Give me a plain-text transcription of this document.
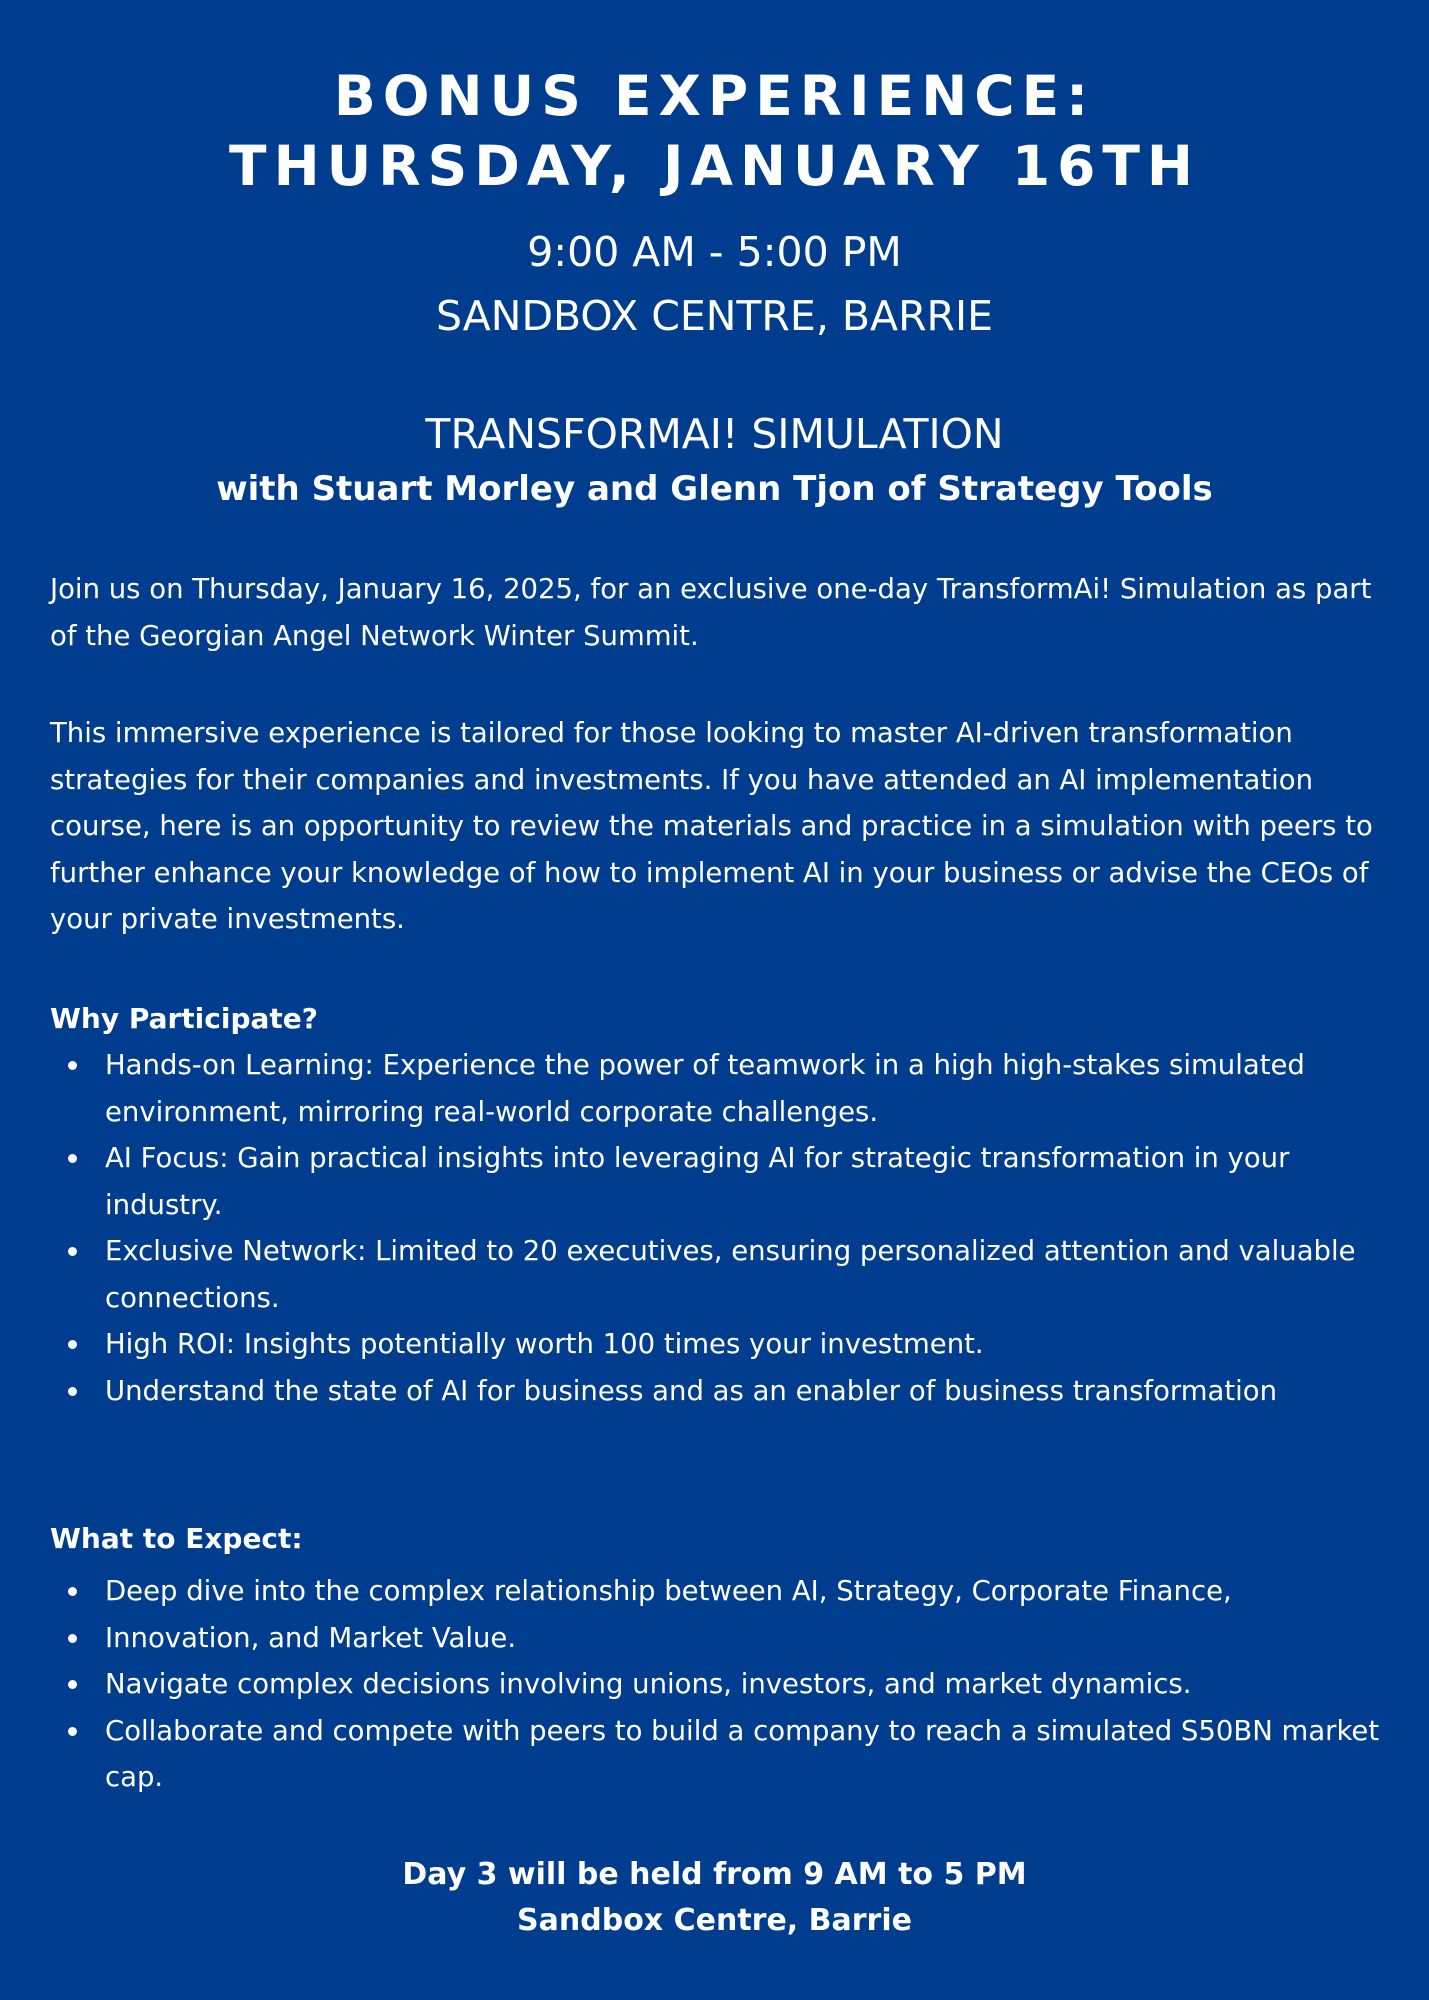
BONUS EXPERIENCE:
THURSDAY, JANUARY 16TH

9:00 AM - 5:00 PM

SANDBOX CENTRE, BARRIE

TRANSFORMAI! SIMULATION

with Stuart Morley and Glenn Tjon of Strategy Tools

Join us on Thursday, January 16, 2025, for an exclusive one-day TransformAi! Simulation as part of the Georgian Angel Network Winter Summit.

This immersive experience is tailored for those looking to master AI-driven transformation strategies for their companies and investments. If you have attended an AI implementation course, here is an opportunity to review the materials and practice in a simulation with peers to further enhance your knowledge of how to implement AI in your business or advise the CEOs of your private investments.

Why Participate?

Hands-on Learning: Experience the power of teamwork in a high high-stakes simulated environment, mirroring real-world corporate challenges.
AI Focus: Gain practical insights into leveraging AI for strategic transformation in your industry.
Exclusive Network: Limited to 20 executives, ensuring personalized attention and valuable connections.
High ROI: Insights potentially worth 100 times your investment.
Understand the state of AI for business and as an enabler of business transformation

What to Expect:

Deep dive into the complex relationship between AI, Strategy, Corporate Finance,
Innovation, and Market Value.
Navigate complex decisions involving unions, investors, and market dynamics.
Collaborate and compete with peers to build a company to reach a simulated S50BN market cap.

Day 3 will be held from 9 AM to 5 PM

Sandbox Centre, Barrie
